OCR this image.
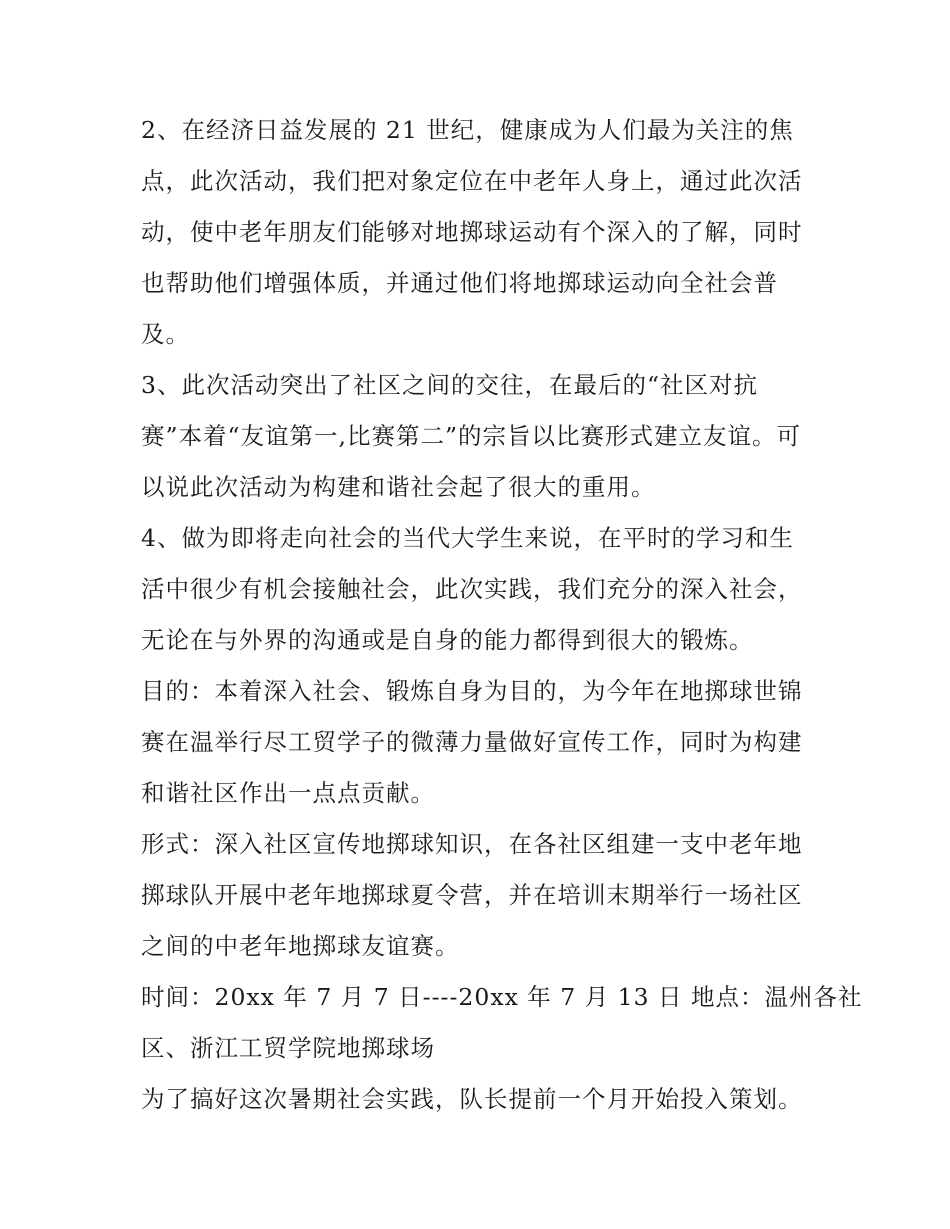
2、在经济日益发展的 21 世纪，健康成为人们最为关注的焦
点，此次活动，我们把对象定位在中老年人身上，通过此次活
动，使中老年朋友们能够对地掷球运动有个深入的了解，同时
也帮助他们增强体质，并通过他们将地掷球运动向全社会普
及。
3、此次活动突出了社区之间的交往，在最后的“社区对抗
赛”本着“友谊第一,比赛第二”的宗旨以比赛形式建立友谊。可
以说此次活动为构建和谐社会起了很大的重用。
4、做为即将走向社会的当代大学生来说，在平时的学习和生
活中很少有机会接触社会，此次实践，我们充分的深入社会，
无论在与外界的沟通或是自身的能力都得到很大的锻炼。
目的：本着深入社会、锻炼自身为目的，为今年在地掷球世锦
赛在温举行尽工贸学子的微薄力量做好宣传工作，同时为构建
和谐社区作出一点点贡献。
形式：深入社区宣传地掷球知识，在各社区组建一支中老年地
掷球队开展中老年地掷球夏令营，并在培训末期举行一场社区
之间的中老年地掷球友谊赛。
时间：20xx 年 7 月 7 日----20xx 年 7 月 13 日 地点：温州各社
区、浙江工贸学院地掷球场
为了搞好这次暑期社会实践，队长提前一个月开始投入策划。
